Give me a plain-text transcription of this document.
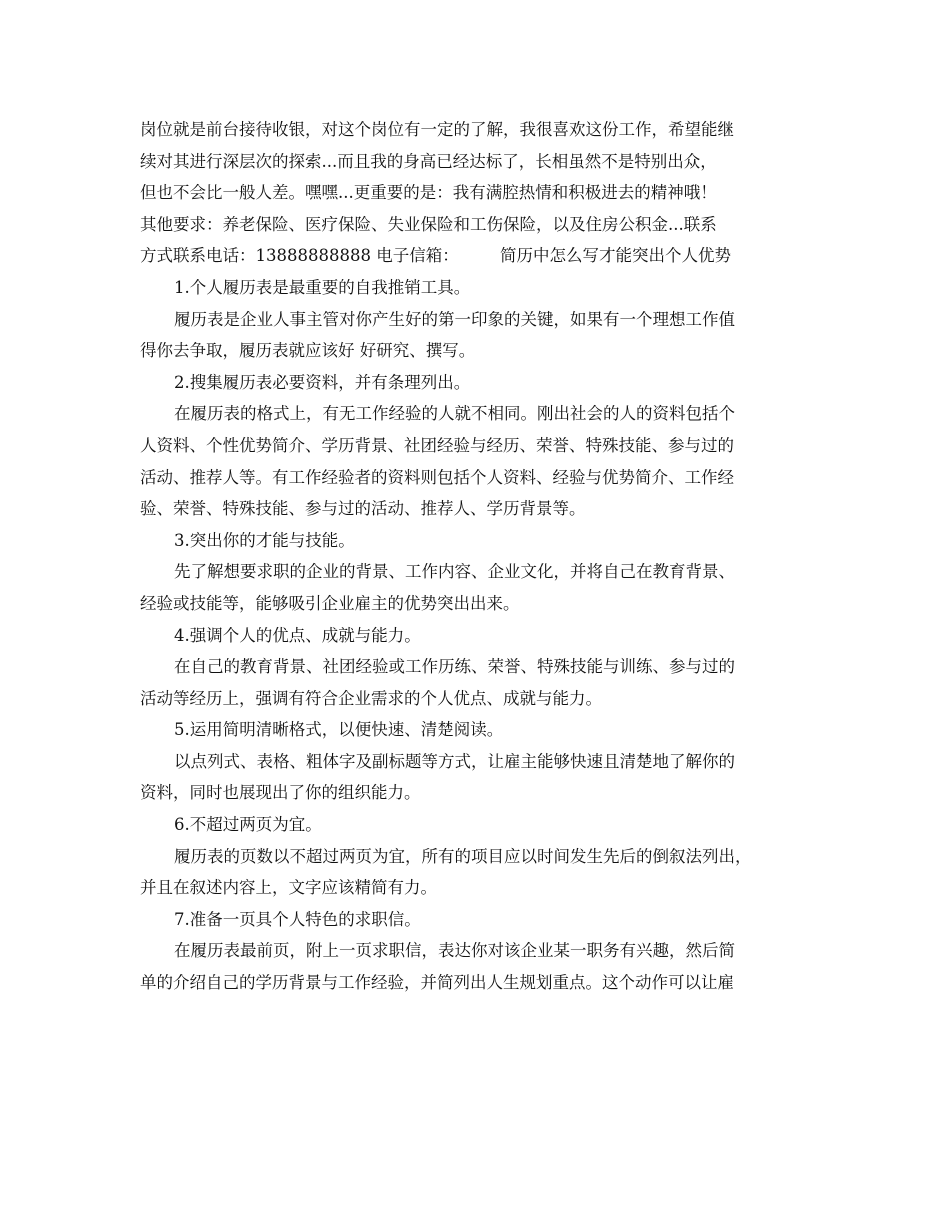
岗位就是前台接待收银，对这个岗位有一定的了解，我很喜欢这份工作，希望能继
续对其进行深层次的探索...而且我的身高已经达标了，长相虽然不是特别出众，
但也不会比一般人差。嘿嘿...更重要的是：我有满腔热情和积极进去的精神哦！
其他要求：养老保险、医疗保险、失业保险和工伤保险，以及住房公积金...联系
方式联系电话：13888888888 电子信箱：　　　简历中怎么写才能突出个人优势
1.个人履历表是最重要的自我推销工具。
履历表是企业人事主管对你产生好的第一印象的关键，如果有一个理想工作值
得你去争取，履历表就应该好 好研究、撰写。
2.搜集履历表必要资料，并有条理列出。
在履历表的格式上，有无工作经验的人就不相同。刚出社会的人的资料包括个
人资料、个性优势简介、学历背景、社团经验与经历、荣誉、特殊技能、参与过的
活动、推荐人等。有工作经验者的资料则包括个人资料、经验与优势简介、工作经
验、荣誉、特殊技能、参与过的活动、推荐人、学历背景等。
3.突出你的才能与技能。
先了解想要求职的企业的背景、工作内容、企业文化，并将自己在教育背景、
经验或技能等，能够吸引企业雇主的优势突出出来。
4.强调个人的优点、成就与能力。
在自己的教育背景、社团经验或工作历练、荣誉、特殊技能与训练、参与过的
活动等经历上，强调有符合企业需求的个人优点、成就与能力。
5.运用简明清晰格式，以便快速、清楚阅读。
以点列式、表格、粗体字及副标题等方式，让雇主能够快速且清楚地了解你的
资料，同时也展现出了你的组织能力。
6.不超过两页为宜。
履历表的页数以不超过两页为宜，所有的项目应以时间发生先后的倒叙法列出，
并且在叙述内容上，文字应该精简有力。
7.准备一页具个人特色的求职信。
在履历表最前页，附上一页求职信，表达你对该企业某一职务有兴趣，然后简
单的介绍自己的学历背景与工作经验，并简列出人生规划重点。这个动作可以让雇
